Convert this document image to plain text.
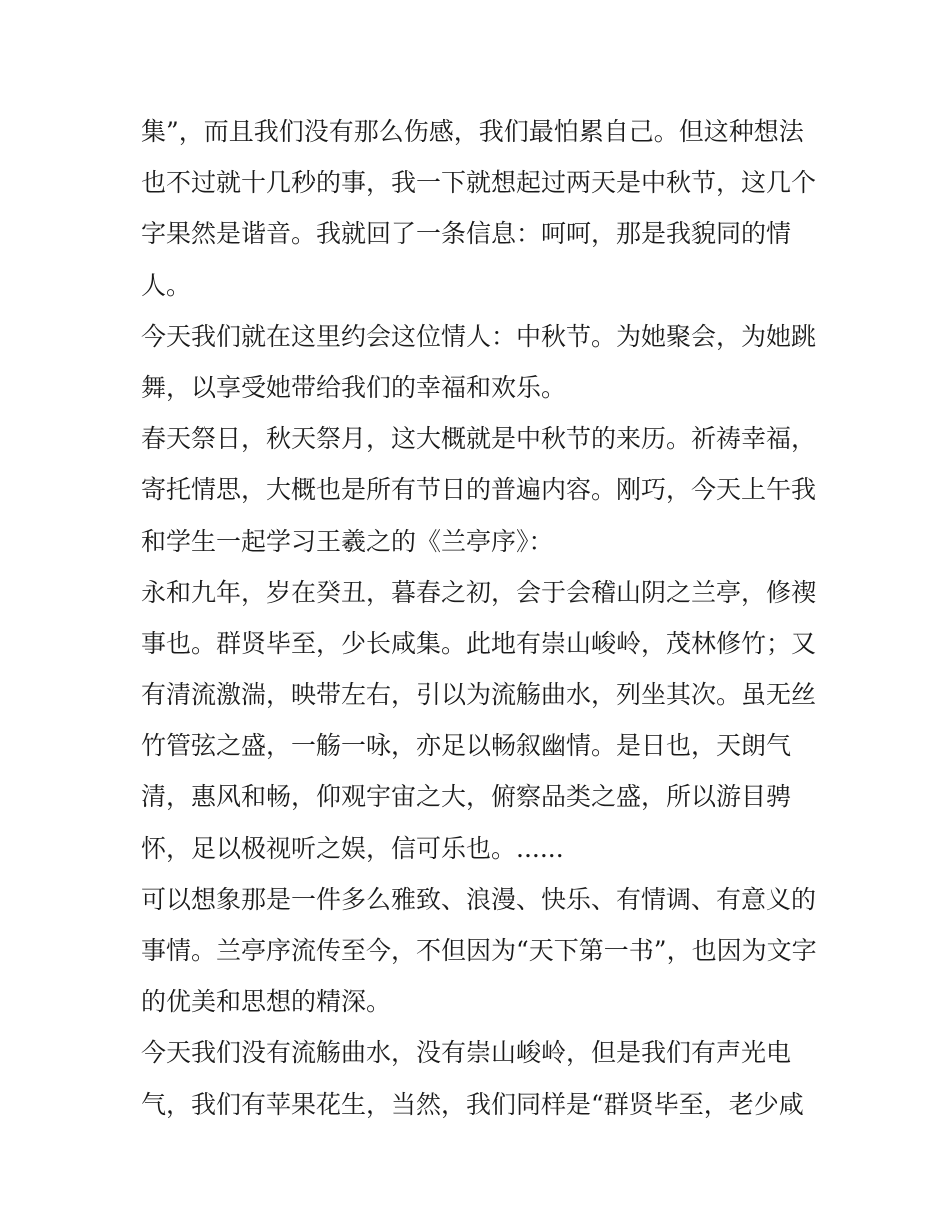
集”，而且我们没有那么伤感，我们最怕累自己。但这种想法
也不过就十几秒的事，我一下就想起过两天是中秋节，这几个
字果然是谐音。我就回了一条信息：呵呵，那是我貌同的情
人。
今天我们就在这里约会这位情人：中秋节。为她聚会，为她跳
舞，以享受她带给我们的幸福和欢乐。
春天祭日，秋天祭月，这大概就是中秋节的来历。祈祷幸福，
寄托情思，大概也是所有节日的普遍内容。刚巧，今天上午我
和学生一起学习王羲之的《兰亭序》：
永和九年，岁在癸丑，暮春之初，会于会稽山阴之兰亭，修禊
事也。群贤毕至，少长咸集。此地有崇山峻岭，茂林修竹；又
有清流激湍，映带左右，引以为流觞曲水，列坐其次。虽无丝
竹管弦之盛，一觞一咏，亦足以畅叙幽情。是日也，天朗气
清，惠风和畅，仰观宇宙之大，俯察品类之盛，所以游目骋
怀，足以极视听之娱，信可乐也。......
可以想象那是一件多么雅致、浪漫、快乐、有情调、有意义的
事情。兰亭序流传至今，不但因为“天下第一书”，也因为文字
的优美和思想的精深。
今天我们没有流觞曲水，没有崇山峻岭，但是我们有声光电
气，我们有苹果花生，当然，我们同样是“群贤毕至，老少咸
